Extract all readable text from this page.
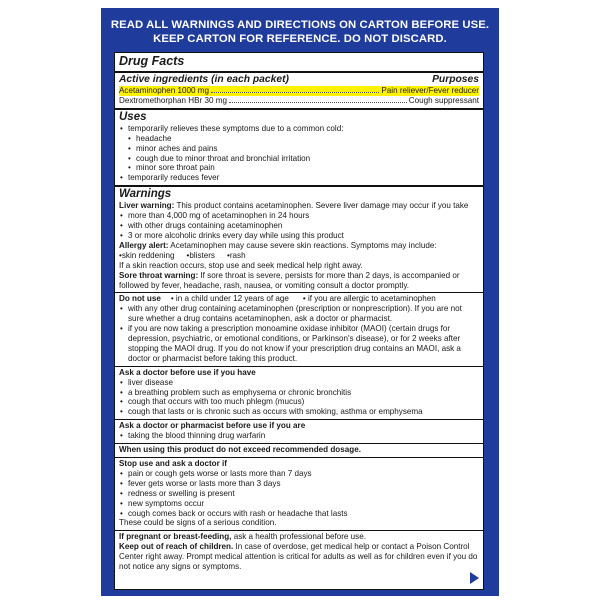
READ ALL WARNINGS AND DIRECTIONS ON CARTON BEFORE USE.
KEEP CARTON FOR REFERENCE. DO NOT DISCARD.
Drug Facts
Active ingredients (in each packet)	Purposes
Acetaminophen 1000 mg	Pain reliever/Fever reducer
Dextromethorphan HBr 30 mg	Cough suppressant
Uses
• temporarily relieves these symptoms due to a common cold:
• headache
• minor aches and pains
• cough due to minor throat and bronchial irritation
• minor sore throat pain
• temporarily reduces fever
Warnings
Liver warning: This product contains acetaminophen. Severe liver damage may occur if you take
• more than 4,000 mg of acetaminophen in 24 hours
• with other drugs containing acetaminophen
• 3 or more alcoholic drinks every day while using this product
Allergy alert: Acetaminophen may cause severe skin reactions. Symptoms may include:
• skin reddening	• blisters	• rash
If a skin reaction occurs, stop use and seek medical help right away.
Sore throat warning: If sore throat is severe, persists for more than 2 days, is accompanied or followed by fever, headache, rash, nausea, or vomiting consult a doctor promptly.
Do not use • in a child under 12 years of age • if you are allergic to acetaminophen
• with any other drug containing acetaminophen (prescription or nonprescription). If you are not sure whether a drug contains acetaminophen, ask a doctor or pharmacist.
• if you are now taking a prescription monoamine oxidase inhibitor (MAOI) (certain drugs for depression, psychiatric, or emotional conditions, or Parkinson's disease), or for 2 weeks after stopping the MAOI drug. If you do not know if your prescription drug contains an MAOI, ask a doctor or pharmacist before taking this product.
Ask a doctor before use if you have
• liver disease
• a breathing problem such as emphysema or chronic bronchitis
• cough that occurs with too much phlegm (mucus)
• cough that lasts or is chronic such as occurs with smoking, asthma or emphysema
Ask a doctor or pharmacist before use if you are
• taking the blood thinning drug warfarin
When using this product do not exceed recommended dosage.
Stop use and ask a doctor if
• pain or cough gets worse or lasts more than 7 days
• fever gets worse or lasts more than 3 days
• redness or swelling is present
• new symptoms occur
• cough comes back or occurs with rash or headache that lasts
These could be signs of a serious condition.
If pregnant or breast-feeding, ask a health professional before use.
Keep out of reach of children. In case of overdose, get medical help or contact a Poison Control Center right away. Prompt medical attention is critical for adults as well as for children even if you do not notice any signs or symptoms.
